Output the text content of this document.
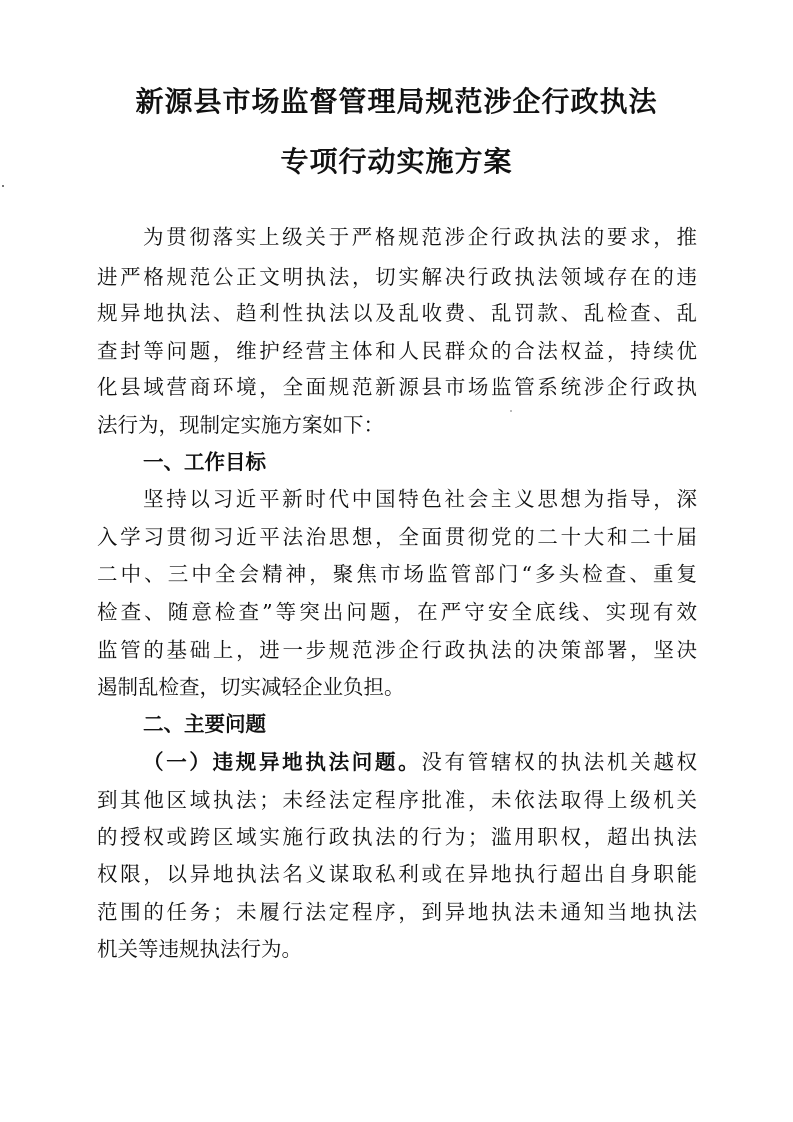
新源县市场监督管理局规范涉企行政执法
专项行动实施方案
为贯彻落实上级关于严格规范涉企行政执法的要求，推
进严格规范公正文明执法，切实解决行政执法领域存在的违
规异地执法、趋利性执法以及乱收费、乱罚款、乱检查、乱
查封等问题，维护经营主体和人民群众的合法权益，持续优
化县域营商环境，全面规范新源县市场监管系统涉企行政执
法行为，现制定实施方案如下：
一、工作目标
坚持以习近平新时代中国特色社会主义思想为指导，深
入学习贯彻习近平法治思想，全面贯彻党的二十大和二十届
二中、三中全会精神，聚焦市场监管部门“多头检查、重复
检查、随意检查”等突出问题，在严守安全底线、实现有效
监管的基础上，进一步规范涉企行政执法的决策部署，坚决
遏制乱检查，切实减轻企业负担。
二、主要问题
（一）违规异地执法问题。没有管辖权的执法机关越权
到其他区域执法；未经法定程序批准，未依法取得上级机关
的授权或跨区域实施行政执法的行为；滥用职权，超出执法
权限，以异地执法名义谋取私利或在异地执行超出自身职能
范围的任务；未履行法定程序，到异地执法未通知当地执法
机关等违规执法行为。
